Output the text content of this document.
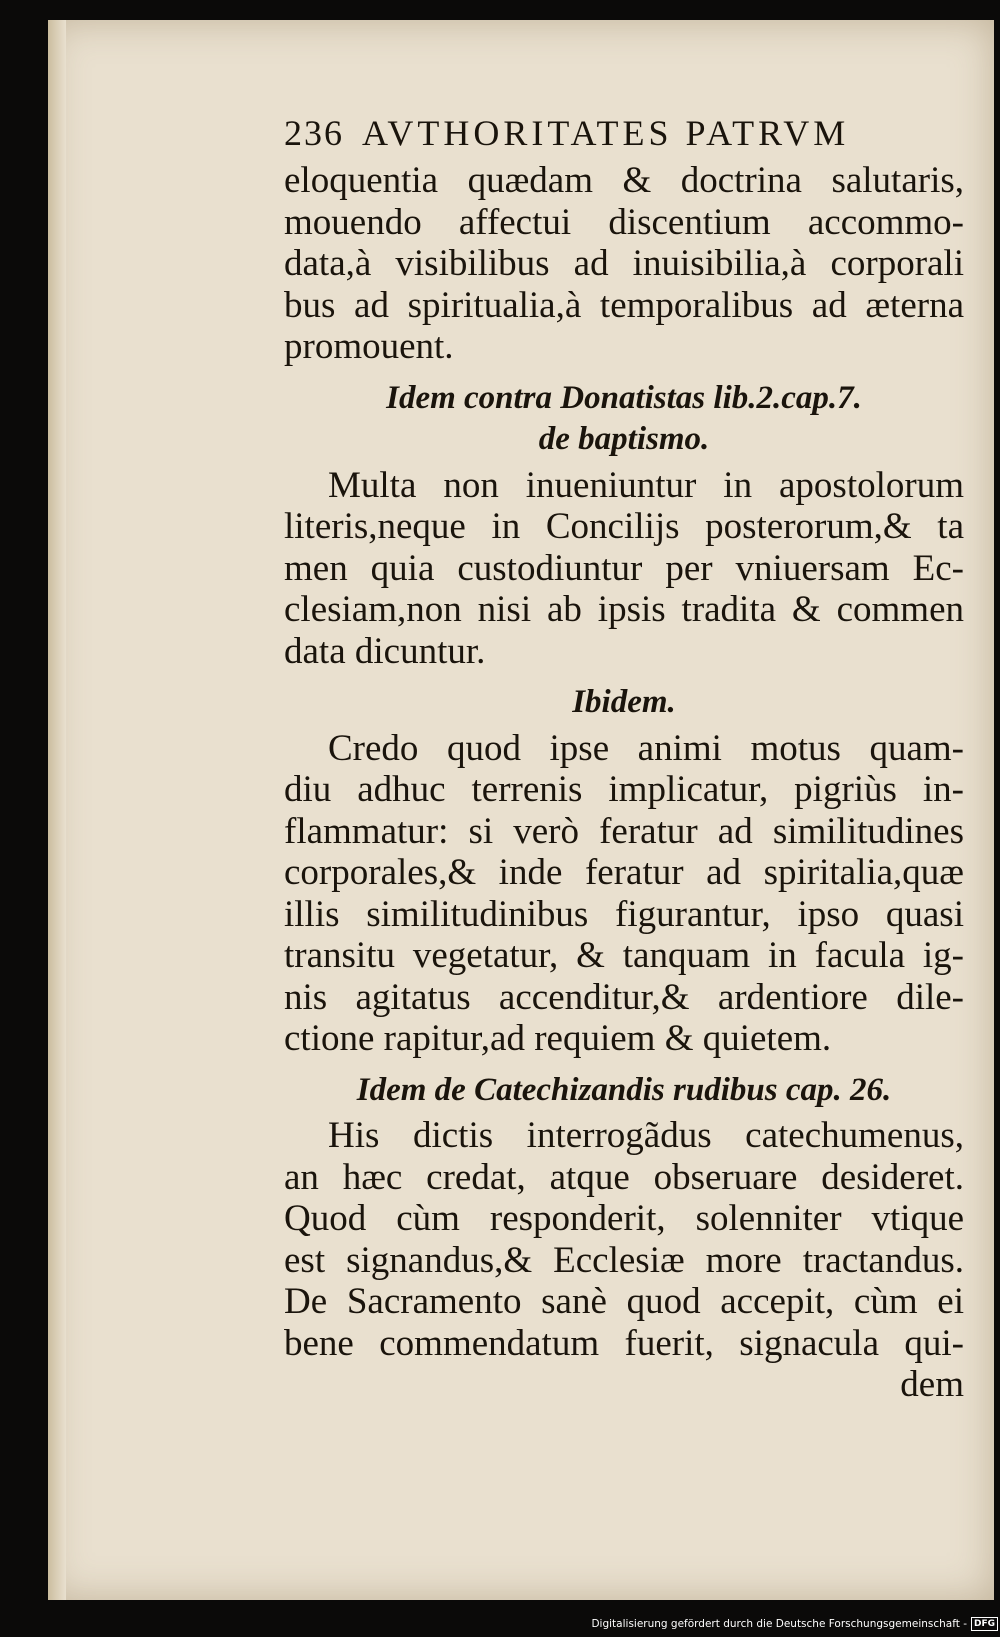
236 AVTHORITATES PATRVM
eloquentia quædam & doctrina salutaris,
mouendo affectui discentium accommo-
data,à visibilibus ad inuisibilia,à corporali
bus ad spiritualia,à temporalibus ad æterna
promouent.
Idem contra Donatistas lib.2.cap.7.
de baptismo.
Multa non inueniuntur in apostolorum
literis,neque in Concilijs posterorum,& ta
men quia custodiuntur per vniuersam Ec-
clesiam,non nisi ab ipsis tradita & commen
data dicuntur.
Ibidem.
Credo quod ipse animi motus quam-
diu adhuc terrenis implicatur, pigriùs in-
flammatur: si verò feratur ad similitudines
corporales,& inde feratur ad spiritalia,quæ
illis similitudinibus figurantur, ipso quasi
transitu vegetatur, & tanquam in facula ig-
nis agitatus accenditur,& ardentiore dile-
ctione rapitur,ad requiem & quietem.
Idem de Catechizandis rudibus cap. 26.
His dictis interrogãdus catechumenus,
an hæc credat, atque obseruare desideret.
Quod cùm responderit, solenniter vtique
est signandus,& Ecclesiæ more tractandus.
De Sacramento sanè quod accepit, cùm ei
bene commendatum fuerit, signacula qui-
dem
Digitalisierung gefördert durch die Deutsche Forschungsgemeinschaft - DFG
